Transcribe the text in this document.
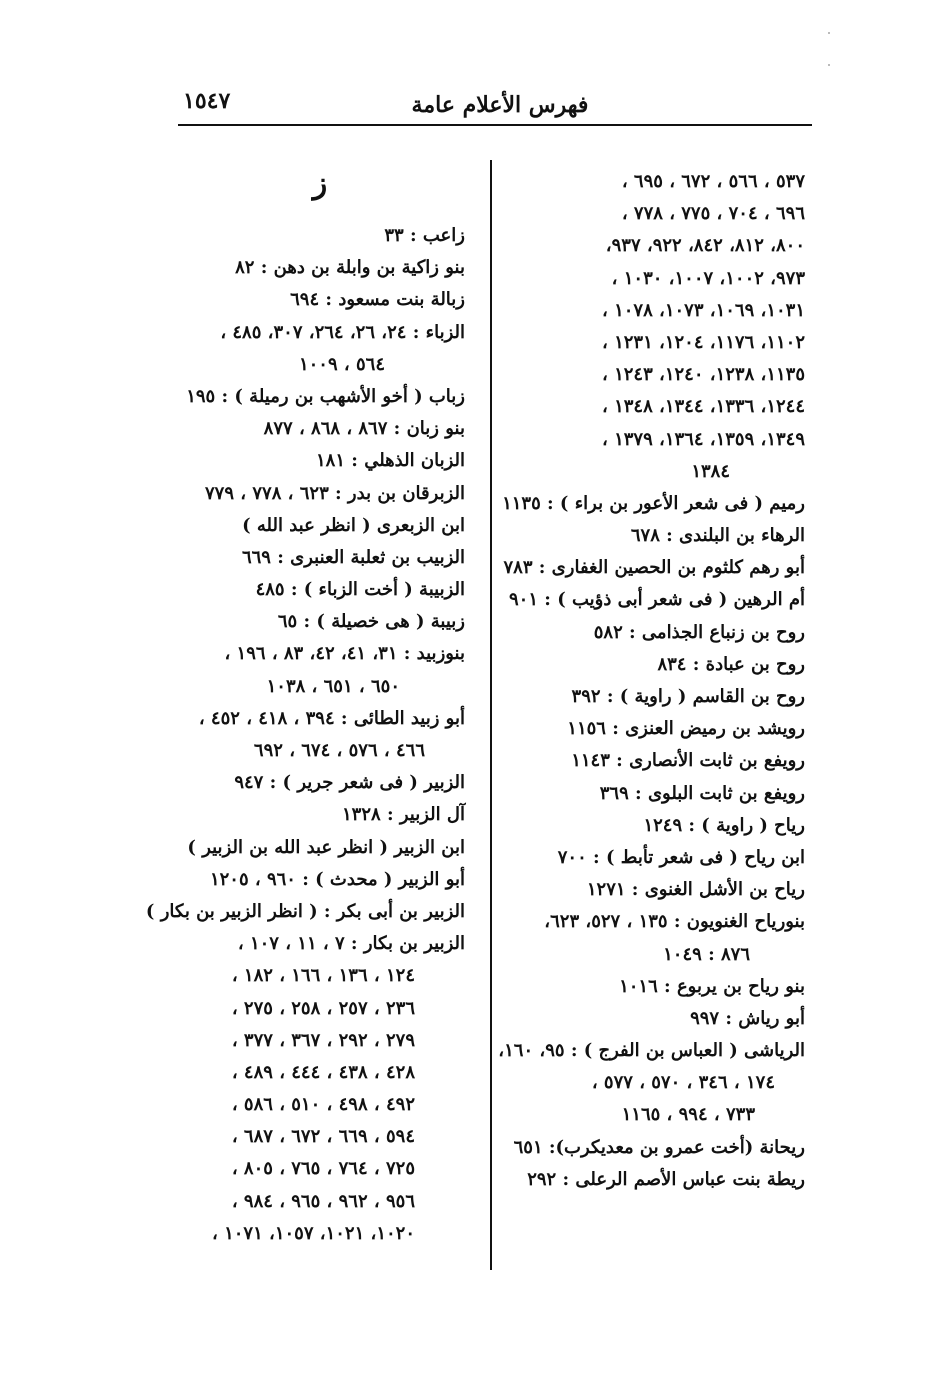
١٥٤٧	فهرس الأعلام عامة
٥٣٧ ، ٥٦٦ ، ٦٧٢ ، ٦٩٥ ،
٦٩٦ ، ٧٠٤ ، ٧٧٥ ، ٧٧٨ ،
٨٠٠، ٨١٢، ٨٤٢، ٩٢٢، ٩٣٧،
٩٧٣، ١٠٠٢، ١٠٠٧، ١٠٣٠ ،
١٠٣١، ١٠٦٩، ١٠٧٣، ١٠٧٨ ،
١١٠٢، ١١٧٦، ١٢٠٤، ١٢٣١ ،
١١٣٥، ١٢٣٨، ١٢٤٠، ١٢٤٣ ،
١٢٤٤، ١٣٣٦، ١٣٤٤، ١٣٤٨ ،
١٣٤٩، ١٣٥٩، ١٣٦٤، ١٣٧٩ ،
١٣٨٤
رميم ( فى شعر الأعور بن براء ) : ١١٣٥
الرهاء بن البلندى : ٦٧٨
أبو رهم كلثوم بن الحصين الغفارى : ٧٨٣
أم الرهين ( فى شعر أبى ذؤيب ) : ٩٠١
روح بن زنباع الجذامى : ٥٨٢
روح بن عبادة : ٨٣٤
روح بن القاسم ( راوية ) : ٣٩٢
رويشد بن رميض العنزى : ١١٥٦
رويفع بن ثابت الأنصارى : ١١٤٣
رويفع بن ثابت البلوى : ٣٦٩
رياح ( راوية ) : ١٢٤٩
ابن رياح ( فى شعر تأبط ) : ٧٠٠
رياح بن الأشل الغنوى : ١٢٧١
بنورياح الغنويون : ١٣٥ ، ٥٢٧، ٦٢٣،
٨٧٦ : ١٠٤٩
بنو رياح بن يربوع : ١٠١٦
أبو رياش : ٩٩٧
الرياشى ( العباس بن الفرج ) : ٩٥، ١٦٠،
١٧٤ ، ٣٤٦ ، ٥٧٠ ، ٥٧٧ ،
٧٣٣ ، ٩٩٤ ، ١١٦٥
ريحانة (أخت عمرو بن معديكرب): ٦٥١
ريطة بنت عباس الأصم الرعلى : ٢٩٢
ز
زاعب : ٣٣
بنو زاكية بن وابلة بن دهن : ٨٢
زبالة بنت مسعود : ٦٩٤
الزباء : ٢٤، ٢٦، ٢٦٤، ٣٠٧، ٤٨٥ ،
٥٦٤ ، ١٠٠٩
زباب ( أخو الأشهب بن رميلة ) : ١٩٥
بنو زبان : ٨٦٧ ، ٨٦٨ ، ٨٧٧
الزبان الذهلي : ١٨١
الزبرقان بن بدر : ٦٢٣ ، ٧٧٨ ، ٧٧٩
ابن الزبعرى ( انظر عبد الله )
الزبيب بن ثعلبة العنبرى : ٦٦٩
الزبيبة ( أخت الزباء ) : ٤٨٥
زبيبة ( هى خصيلة ) : ٦٥
بنوزبيد : ٣١، ٤١، ٤٢، ٨٣ ، ١٩٦ ،
٦٥٠ ، ٦٥١ ، ١٠٣٨
أبو زبيد الطائى : ٣٩٤ ، ٤١٨ ، ٤٥٢ ،
٤٦٦ ، ٥٧٦ ، ٦٧٤ ، ٦٩٢
الزبير ( فى شعر جرير ) : ٩٤٧
آل الزبير : ١٣٢٨
ابن الزبير ( انظر عبد الله بن الزبير )
أبو الزبير ( محدث ) : ٩٦٠ ، ١٢٠٥
الزبير بن أبى بكر : ( انظر الزبير بن بكار )
الزبير بن بكار : ٧ ، ١١ ، ١٠٧ ،
١٢٤ ، ١٣٦ ، ١٦٦ ، ١٨٢ ،
٢٣٦ ، ٢٥٧ ، ٢٥٨ ، ٢٧٥ ،
٢٧٩ ، ٢٩٢ ، ٣٦٧ ، ٣٧٧ ،
٤٢٨ ، ٤٣٨ ، ٤٤٤ ، ٤٨٩ ،
٤٩٢ ، ٤٩٨ ، ٥١٠ ، ٥٨٦ ،
٥٩٤ ، ٦٦٩ ، ٦٧٢ ، ٦٨٧ ،
٧٢٥ ، ٧٦٤ ، ٧٦٥ ، ٨٠٥ ،
٩٥٦ ، ٩٦٢ ، ٩٦٥ ، ٩٨٤ ،
١٠٢٠، ١٠٢١، ١٠٥٧، ١٠٧١ ،
